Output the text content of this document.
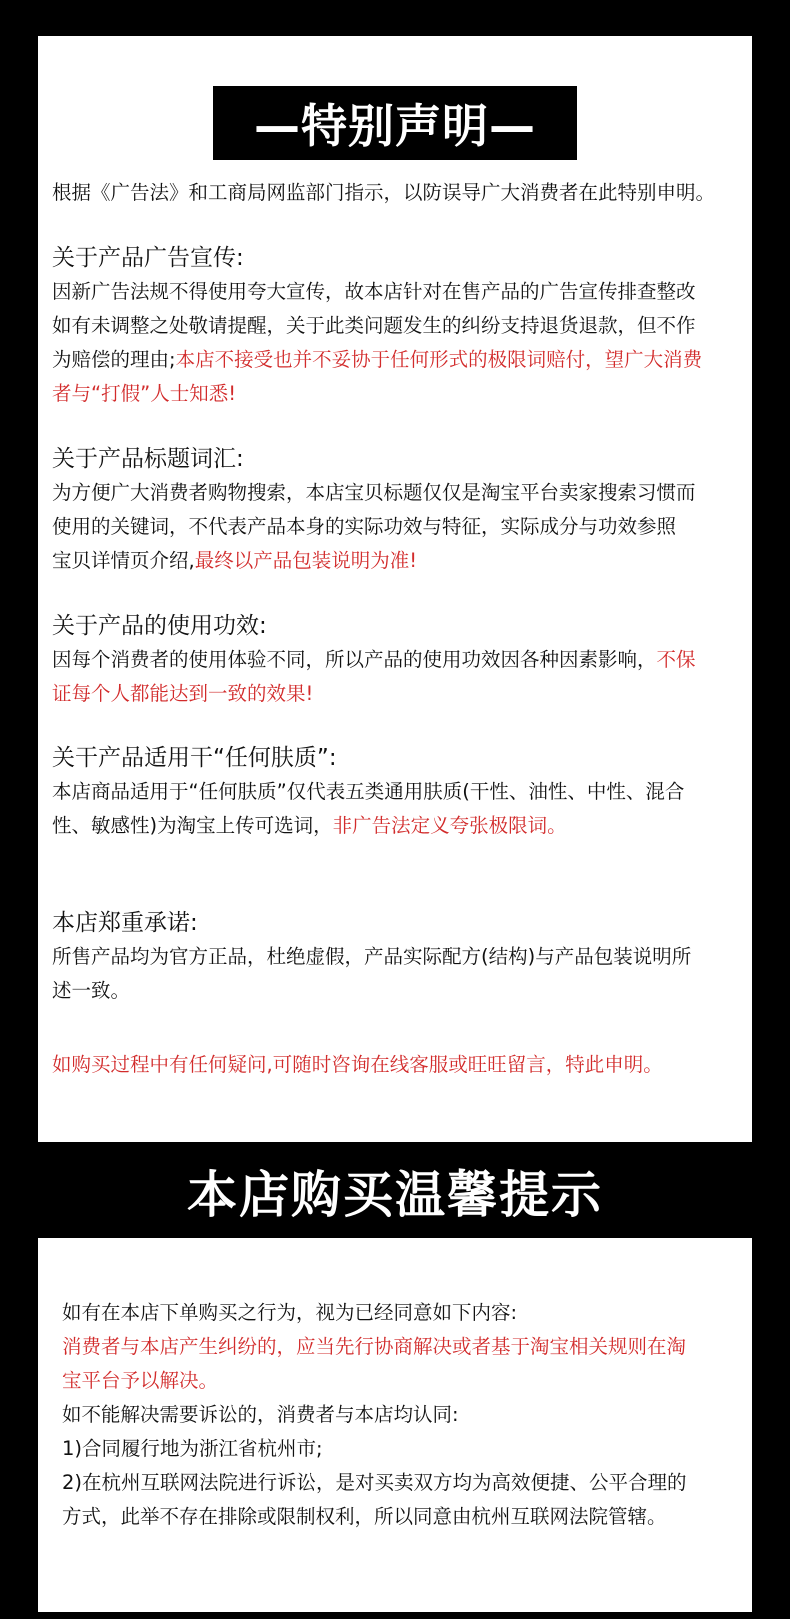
—特别声明—
根据《广告法》和工商局网监部门指示，以防误导广大消费者在此特别申明。
关于产品广告宣传:
因新广告法规不得使用夸大宣传，故本店针对在售产品的广告宣传排查整改
如有未调整之处敬请提醒，关于此类问题发生的纠纷支持退货退款，但不作
为赔偿的理由;本店不接受也并不妥协于任何形式的极限词赔付，望广大消费
者与“打假”人士知悉!
关于产品标题词汇:
为方便广大消费者购物搜索，本店宝贝标题仅仅是淘宝平台卖家搜索习惯而
使用的关键词，不代表产品本身的实际功效与特征，实际成分与功效参照
宝贝详情页介绍,最终以产品包装说明为准!
关于产品的使用功效:
因每个消费者的使用体验不同，所以产品的使用功效因各种因素影响，不保
证每个人都能达到一致的效果!
关干产品适用干“任何肤质”:
本店商品适用于“任何肤质”仅代表五类通用肤质(干性、油性、中性、混合
性、敏感性)为淘宝上传可选词，非广告法定义夸张极限词。
本店郑重承诺:
所售产品均为官方正品，杜绝虚假，产品实际配方(结构)与产品包装说明所
述一致。
如购买过程中有任何疑问,可随时咨询在线客服或旺旺留言，特此申明。
本店购买温馨提示
如有在本店下单购买之行为，视为已经同意如下内容:
消费者与本店产生纠纷的，应当先行协商解决或者基于淘宝相关规则在淘
宝平台予以解决。
如不能解决需要诉讼的，消费者与本店均认同:
1)合同履行地为浙江省杭州市;
2)在杭州互联网法院进行诉讼，是对买卖双方均为高效便捷、公平合理的
方式，此举不存在排除或限制权利，所以同意由杭州互联网法院管辖。
